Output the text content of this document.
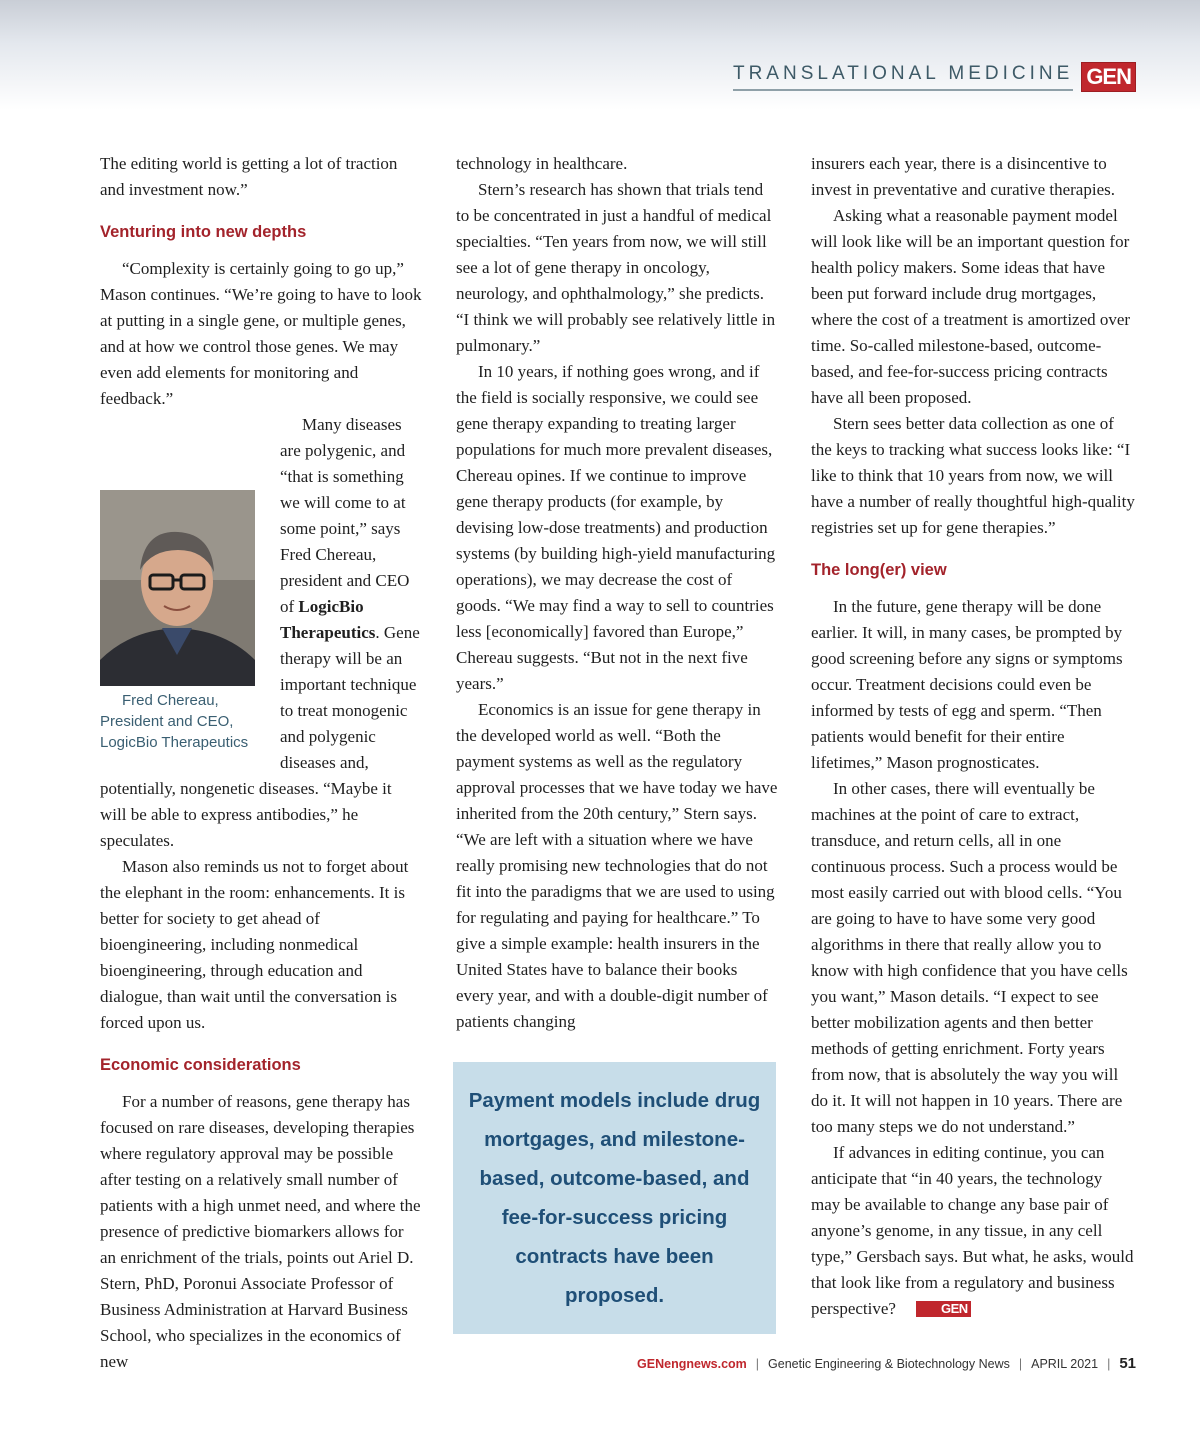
TRANSLATIONAL MEDICINE GEN

The editing world is getting a lot of traction and investment now.”

Venturing into new depths

“Complexity is certainly going to go up,” Mason continues. “We’re going to have to look at putting in a single gene, or multiple genes, and at how we control those genes. We may even add elements for monitoring and feedback.”

Fred Chereau, President and CEO, LogicBio Therapeutics
Many diseases are polygenic, and “that is something we will come to at some point,” says Fred Chereau, president and CEO of LogicBio Therapeutics. Gene therapy will be an important technique to treat monogenic and polygenic diseases and, potentially, nongenetic diseases. “Maybe it will be able to express antibodies,” he speculates.

Mason also reminds us not to forget about the elephant in the room: enhancements. It is better for society to get ahead of bioengineering, including nonmedical bioengineering, through education and dialogue, than wait until the conversation is forced upon us.

Economic considerations

For a number of reasons, gene therapy has focused on rare diseases, developing therapies where regulatory approval may be possible after testing on a relatively small number of patients with a high unmet need, and where the presence of predictive biomarkers allows for an enrichment of the trials, points out Ariel D. Stern, PhD, Poronui Associate Professor of Business Administration at Harvard Business School, who specializes in the economics of new

technology in healthcare.

Stern’s research has shown that trials tend to be concentrated in just a handful of medical specialties. “Ten years from now, we will still see a lot of gene therapy in oncology, neurology, and ophthalmology,” she predicts. “I think we will probably see relatively little in pulmonary.”

In 10 years, if nothing goes wrong, and if the field is socially responsive, we could see gene therapy expanding to treating larger populations for much more prevalent diseases, Chereau opines. If we continue to improve gene therapy products (for example, by devising low-dose treatments) and production systems (by building high-yield manufacturing operations), we may decrease the cost of goods. “We may find a way to sell to countries less [economically] favored than Europe,” Chereau suggests. “But not in the next five years.”

Economics is an issue for gene therapy in the developed world as well. “Both the payment systems as well as the regulatory approval processes that we have today we have inherited from the 20th century,” Stern says. “We are left with a situation where we have really promising new technologies that do not fit into the paradigms that we are used to using for regulating and paying for healthcare.” To give a simple example: health insurers in the United States have to balance their books every year, and with a double-digit number of patients changing

Payment models include drug mortgages, and milestone-based, outcome-based, and fee-for-success pricing contracts have been proposed.

insurers each year, there is a disincentive to invest in preventative and curative therapies.

Asking what a reasonable payment model will look like will be an important question for health policy makers. Some ideas that have been put forward include drug mortgages, where the cost of a treatment is amortized over time. So-called milestone-based, outcome-based, and fee-for-success pricing contracts have all been proposed.

Stern sees better data collection as one of the keys to tracking what success looks like: “I like to think that 10 years from now, we will have a number of really thoughtful high-quality registries set up for gene therapies.”

The long(er) view

In the future, gene therapy will be done earlier. It will, in many cases, be prompted by good screening before any signs or symptoms occur. Treatment decisions could even be informed by tests of egg and sperm. “Then patients would benefit for their entire lifetimes,” Mason prognosticates.

In other cases, there will eventually be machines at the point of care to extract, transduce, and return cells, all in one continuous process. Such a process would be most easily carried out with blood cells. “You are going to have to have some very good algorithms in there that really allow you to know with high confidence that you have cells you want,” Mason details. “I expect to see better mobilization agents and then better methods of getting enrichment. Forty years from now, that is absolutely the way you will do it. It will not happen in 10 years. There are too many steps we do not understand.”

If advances in editing continue, you can anticipate that “in 40 years, the technology may be available to change any base pair of anyone’s genome, in any tissue, in any cell type,” Gersbach says. But what, he asks, would that look like from a regulatory and business perspective?	GEN

GENengnews.com | Genetic Engineering & Biotechnology News | APRIL 2021 | 51
